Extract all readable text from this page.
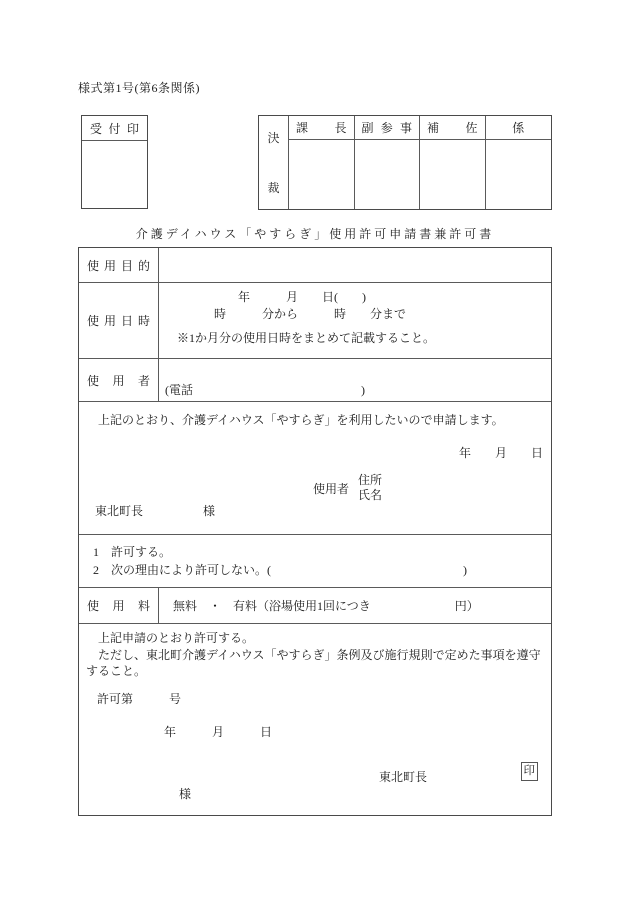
様式第1号(第6条関係)
受付印
決
裁
課長 副参事 補佐	係
介護デイハウス「やすらぎ」使用許可申請書兼許可書
使用目的
使用日時
　　　　　　年　　　月　　日(　　)
　　　　時　　　分から　　　時　　分まで
※1か月分の使用日時をまとめて記載すること。
使用者
(電話　　　　　　　　　　　　　　)
　上記のとおり、介護デイハウス「やすらぎ」を利用したいので申請します。
年　　月　　日
使用者
住所
氏名
東北町長　　　　　様
1　許可する。
2　次の理由により許可しない。(　　　　　　　　　　　　　　　　)
使用料 無料　・　有料（浴場使用1回につき　　　　　　　円）
　上記申請のとおり許可する。
　ただし、東北町介護デイハウス「やすらぎ」条例及び施行規則で定めた事項を遵守すること。
許可第　　　号
年　　　月　　　日
東北町長	印
様
